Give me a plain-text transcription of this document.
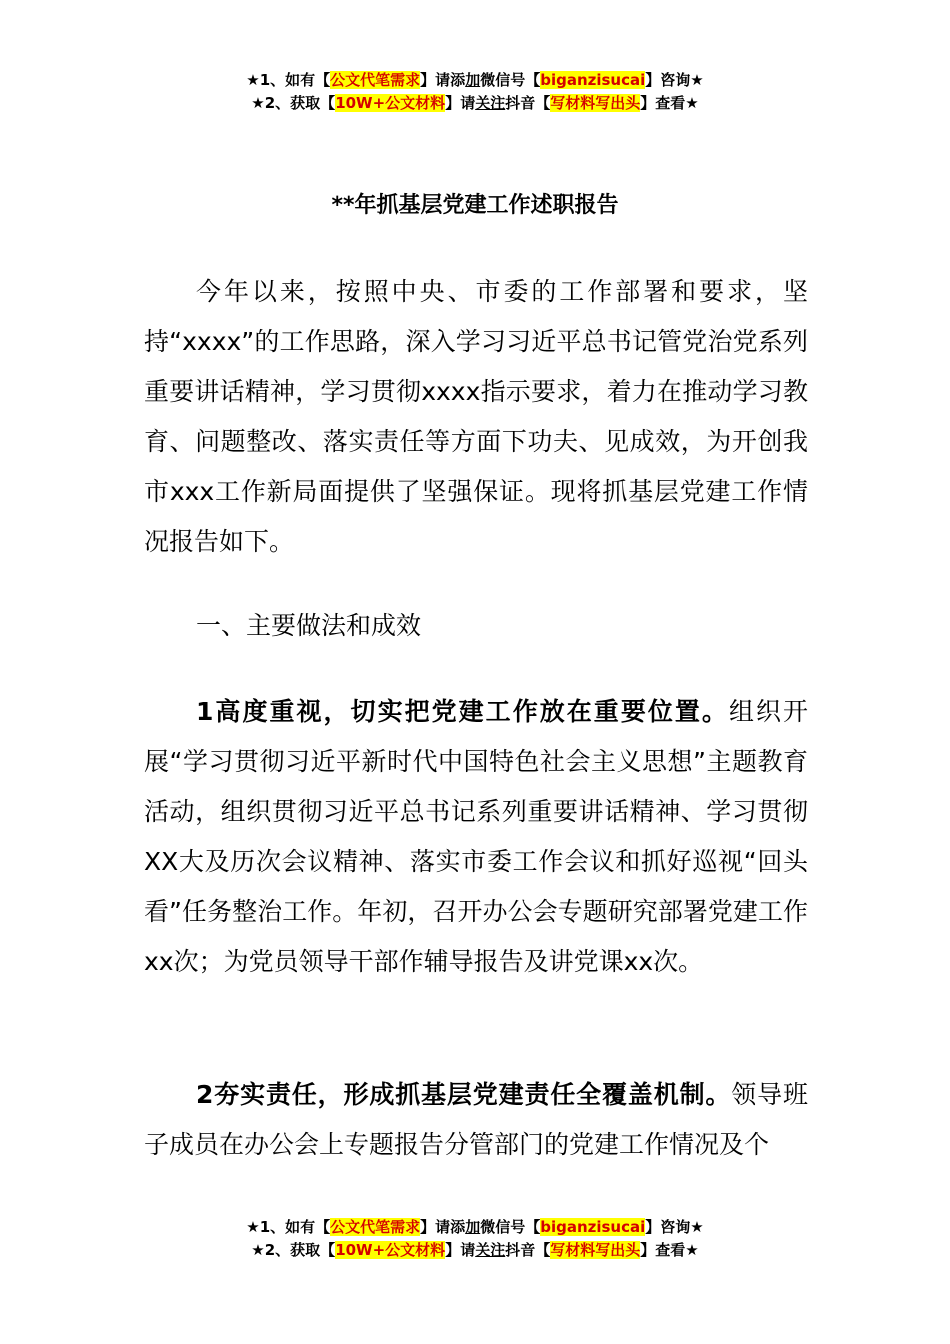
★1、如有【公文代笔需求】请添加微信号【biganzisucai】咨询★
★2、获取【10W+公文材料】请关注抖音【写材料写出头】查看★
**年抓基层党建工作述职报告
今年以来，按照中央、市委的工作部署和要求，坚持“xxxx”的工作思路，深入学习习近平总书记管党治党系列重要讲话精神，学习贯彻xxxx指示要求，着力在推动学习教育、问题整改、落实责任等方面下功夫、见成效，为开创我市xxx工作新局面提供了坚强保证。现将抓基层党建工作情况报告如下。
一、主要做法和成效
1高度重视，切实把党建工作放在重要位置。组织开展“学习贯彻习近平新时代中国特色社会主义思想”主题教育活动，组织贯彻习近平总书记系列重要讲话精神、学习贯彻XX大及历次会议精神、落实市委工作会议和抓好巡视“回头看”任务整治工作。年初，召开办公会专题研究部署党建工作xx次；为党员领导干部作辅导报告及讲党课xx次。
2夯实责任，形成抓基层党建责任全覆盖机制。领导班子成员在办公会上专题报告分管部门的党建工作情况及个
★1、如有【公文代笔需求】请添加微信号【biganzisucai】咨询★
★2、获取【10W+公文材料】请关注抖音【写材料写出头】查看★
